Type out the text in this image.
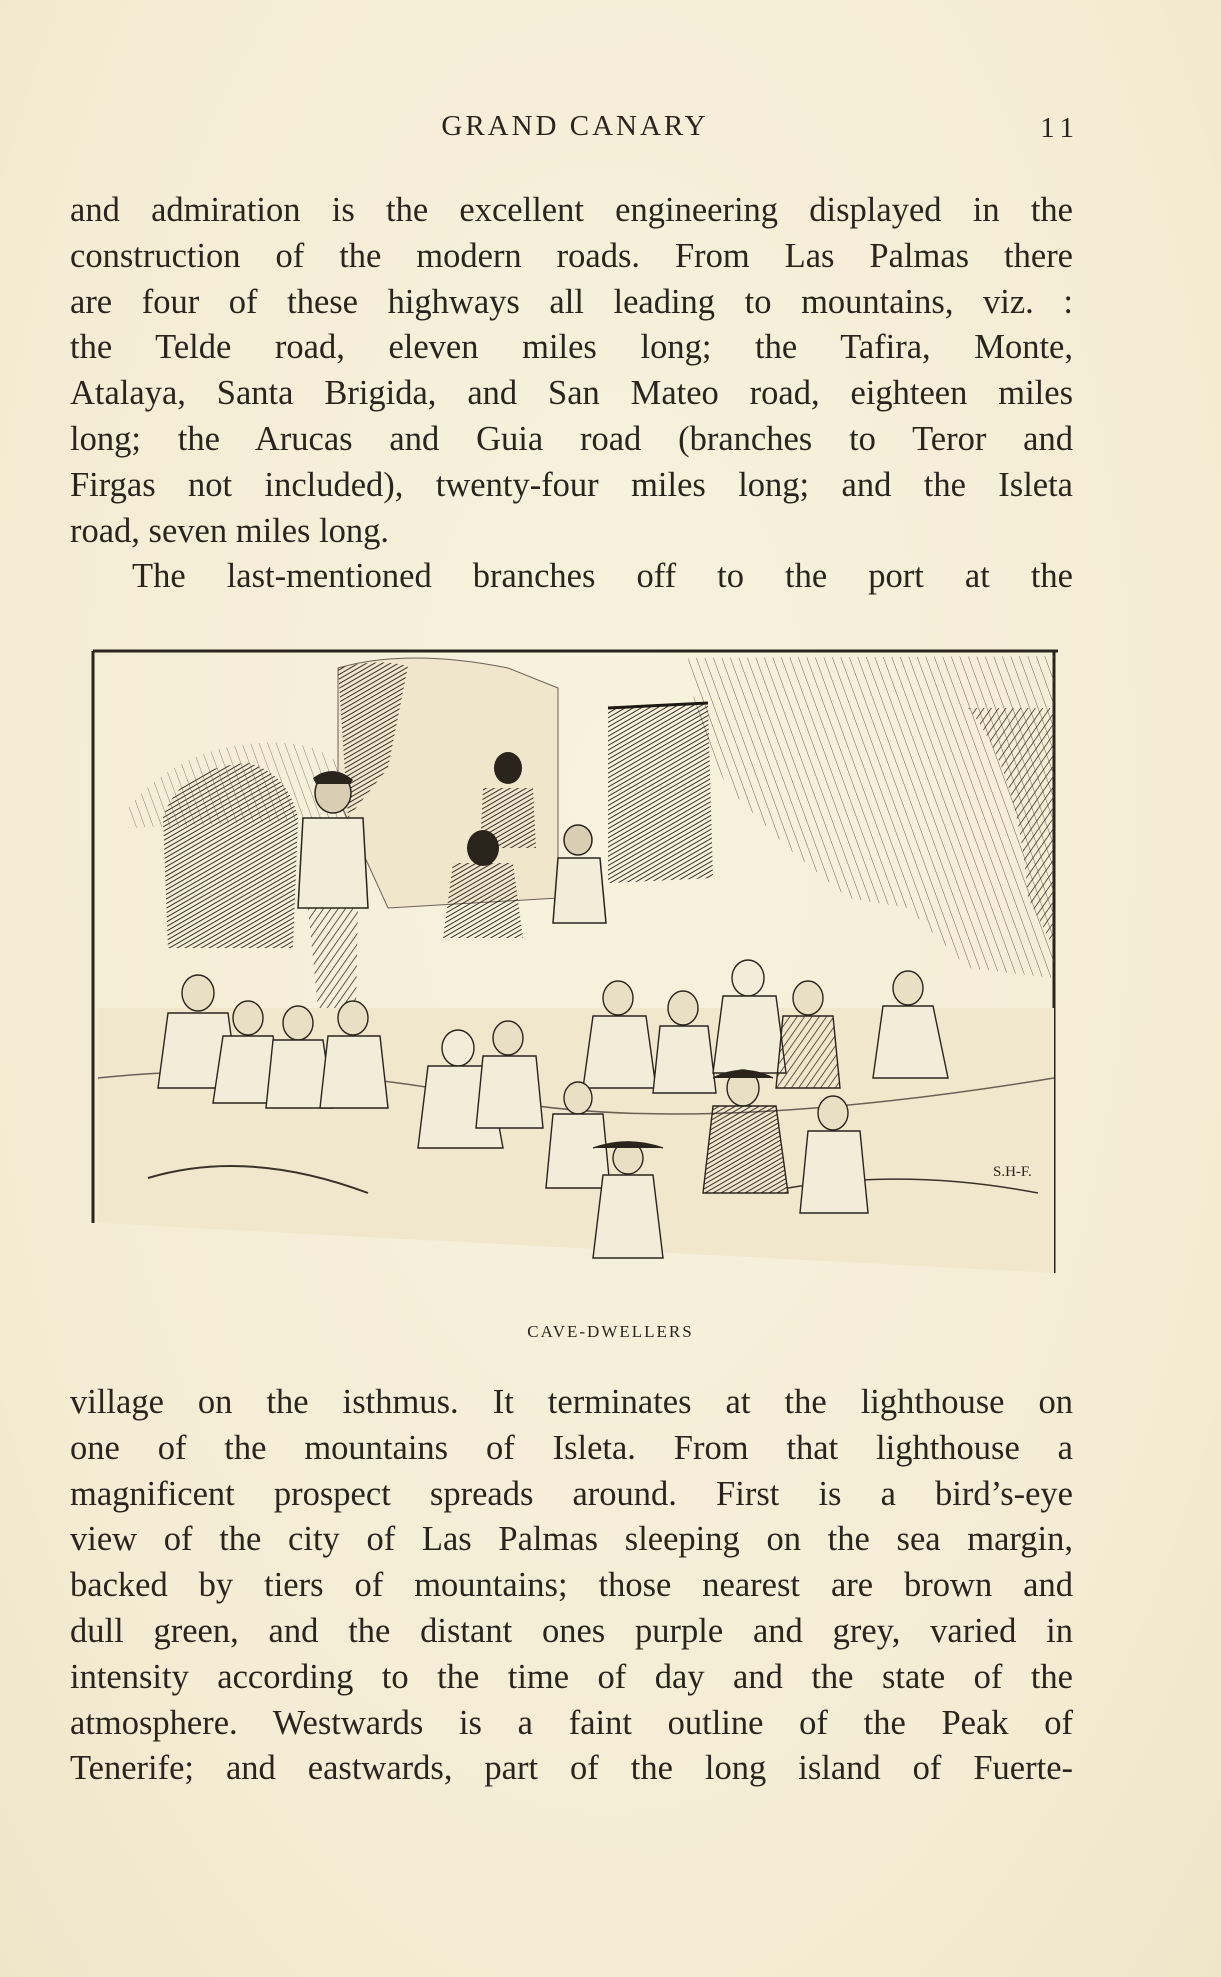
GRAND CANARY	11
and admiration is the excellent engineering displayed in the
construction of the modern roads. From Las Palmas there
are four of these highways all leading to mountains, viz. :
the Telde road, eleven miles long; the Tafira, Monte,
Atalaya, Santa Brigida, and San Mateo road, eighteen miles
long; the Arucas and Guia road (branches to Teror and
Firgas not included), twenty-four miles long; and the Isleta
road, seven miles long.
The last-mentioned branches off to the port at the
S.H-F.
CAVE-DWELLERS
village on the isthmus. It terminates at the lighthouse on
one of the mountains of Isleta. From that lighthouse a
magnificent prospect spreads around. First is a bird’s-eye
view of the city of Las Palmas sleeping on the sea margin,
backed by tiers of mountains; those nearest are brown and
dull green, and the distant ones purple and grey, varied in
intensity according to the time of day and the state of the
atmosphere. Westwards is a faint outline of the Peak of
Tenerife; and eastwards, part of the long island of Fuerte-
